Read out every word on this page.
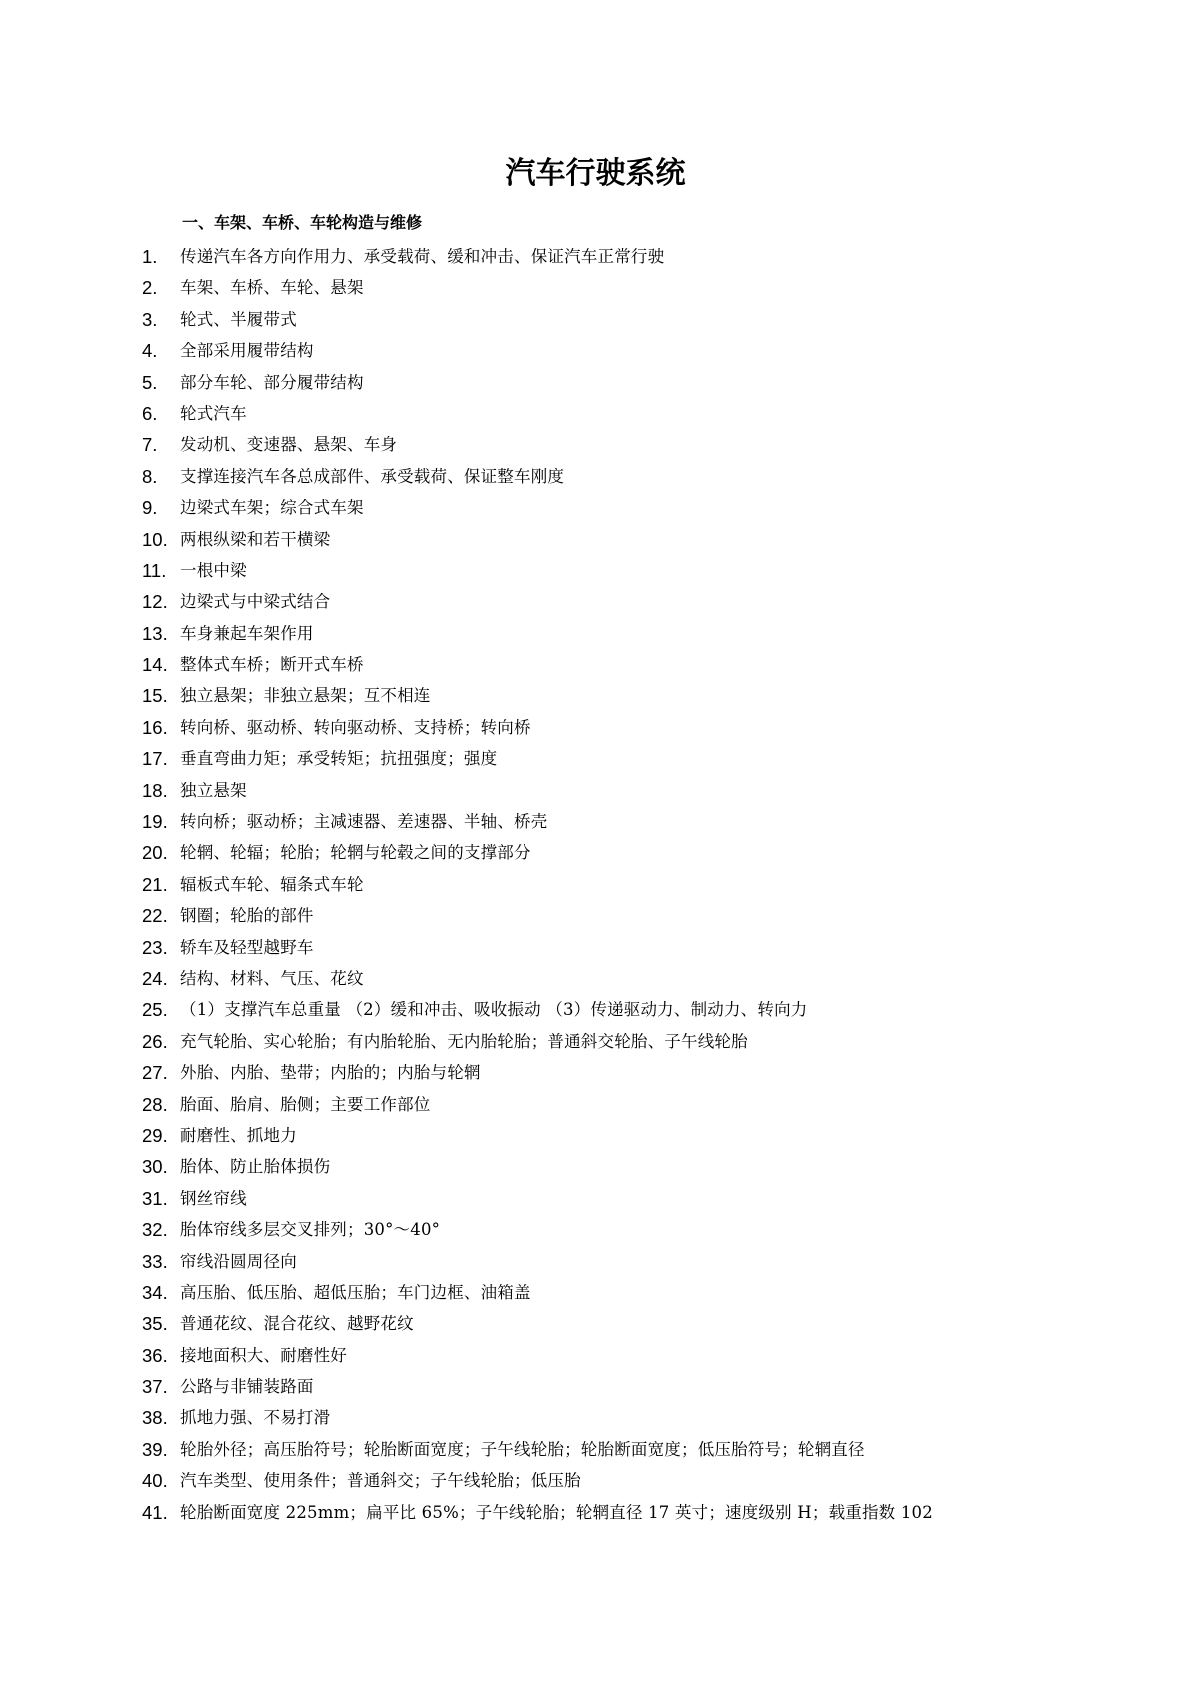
汽车行驶系统
一、车架、车桥、车轮构造与维修
1.	传递汽车各方向作用力、承受载荷、缓和冲击、保证汽车正常行驶
2.	车架、车桥、车轮、悬架
3.	轮式、半履带式
4.	全部采用履带结构
5.	部分车轮、部分履带结构
6.	轮式汽车
7.	发动机、变速器、悬架、车身
8.	支撑连接汽车各总成部件、承受载荷、保证整车刚度
9.	边梁式车架；综合式车架
10. 两根纵梁和若干横梁
11. 一根中梁
12. 边梁式与中梁式结合
13. 车身兼起车架作用
14. 整体式车桥；断开式车桥
15. 独立悬架；非独立悬架；互不相连
16. 转向桥、驱动桥、转向驱动桥、支持桥；转向桥
17. 垂直弯曲力矩；承受转矩；抗扭强度；强度
18. 独立悬架
19. 转向桥；驱动桥；主减速器、差速器、半轴、桥壳
20. 轮辋、轮辐；轮胎；轮辋与轮毂之间的支撑部分
21. 辐板式车轮、辐条式车轮
22. 钢圈；轮胎的部件
23. 轿车及轻型越野车
24. 结构、材料、气压、花纹
25. （1）支撑汽车总重量 （2）缓和冲击、吸收振动 （3）传递驱动力、制动力、转向力
26. 充气轮胎、实心轮胎；有内胎轮胎、无内胎轮胎；普通斜交轮胎、子午线轮胎
27. 外胎、内胎、垫带；内胎的；内胎与轮辋
28. 胎面、胎肩、胎侧；主要工作部位
29. 耐磨性、抓地力
30. 胎体、防止胎体损伤
31. 钢丝帘线
32. 胎体帘线多层交叉排列；30°～40°
33. 帘线沿圆周径向
34. 高压胎、低压胎、超低压胎；车门边框、油箱盖
35. 普通花纹、混合花纹、越野花纹
36. 接地面积大、耐磨性好
37. 公路与非铺装路面
38. 抓地力强、不易打滑
39. 轮胎外径；高压胎符号；轮胎断面宽度；子午线轮胎；轮胎断面宽度；低压胎符号；轮辋直径
40. 汽车类型、使用条件；普通斜交；子午线轮胎；低压胎
41. 轮胎断面宽度 225mm；扁平比 65%；子午线轮胎；轮辋直径 17 英寸；速度级别 H；载重指数 102
